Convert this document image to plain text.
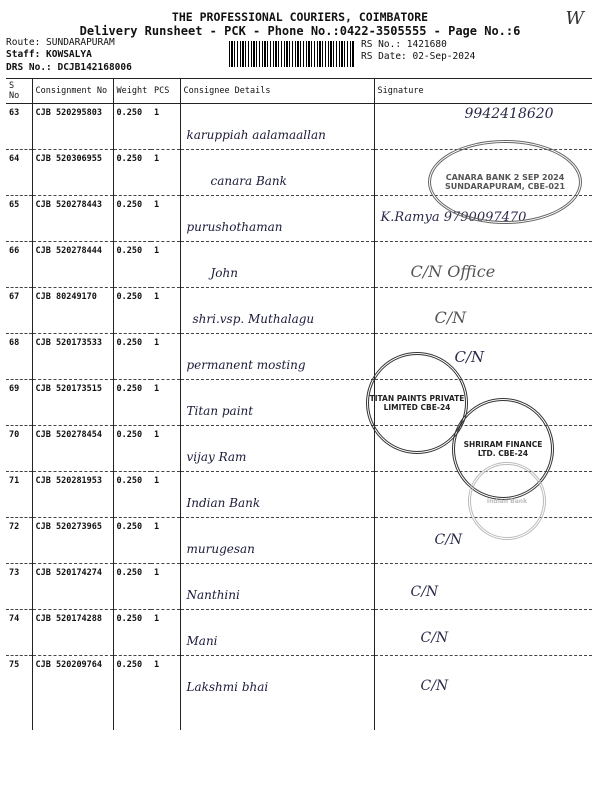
THE PROFESSIONAL COURIERS, COIMBATORE
Delivery Runsheet - PCK - Phone No.:0422-3505555 - Page No.:6
W
Route: SUNDARAPURAM
Staff: KOWSALYA
DRS No.: DCJB142168006
RS No.: 1421680
RS Date: 02-Sep-2024
S No	Consignment No	Weight	PCS	Consignee Details	Signature
63	CJB 520295803	0.250	1	karuppiah aalamaallan	9942418620

64	CJB 520306955	0.250	1	canara Bank	

65	CJB 520278443	0.250	1	purushothaman	K.Ramya 9790097470

66	CJB 520278444	0.250	1	John	C/N Office

67	CJB 80249170	0.250	1	shri.vsp. Muthalagu	C/N

68	CJB 520173533	0.250	1	permanent mosting	C/N

69	CJB 520173515	0.250	1	Titan paint	

70	CJB 520278454	0.250	1	vijay Ram	

71	CJB 520281953	0.250	1	Indian Bank	

72	CJB 520273965	0.250	1	murugesan	C/N

73	CJB 520174274	0.250	1	Nanthini	C/N

74	CJB 520174288	0.250	1	Mani	C/N

75	CJB 520209764	0.250	1	Lakshmi bhai	C/N
CANARA BANK 2 SEP 2024 SUNDARAPURAM, CBE-021
TITAN PAINTS PRIVATE LIMITED CBE-24
SHRIRAM FINANCE LTD. CBE-24
Indian Bank
